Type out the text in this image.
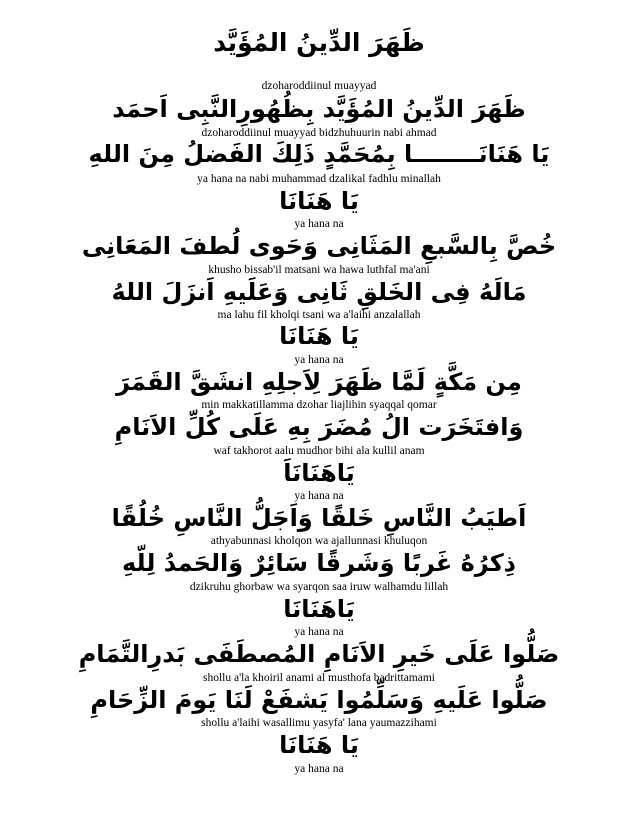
ظَهَرَ الدِّينُ المُؤَيَّد

dzoharoddiinul muayyad

ظَهَرَ الدِّينُ المُؤَيَّد بِظُهُورِالنَّبِى اَحمَد

dzoharoddiinul muayyad bidzhuhuurin nabi ahmad

يَا هَنَانَــــــــا بِمُحَمَّدٍ ذَلِكَ الفَضلُ مِنَ اللهِ

ya hana na nabi muhammad dzalikal fadhlu minallah

يَا هَنَانَا

ya hana na

خُصَّ بِالسَّبعِ المَثَانِى وَحَوى لُطفَ المَعَانِى

khusho bissab'il matsani wa hawa luthfal ma'ani

مَالَهُ فِى الخَلقِ ثَانِى وَعَلَيهِ اَنزَلَ اللهُ

ma lahu fil kholqi tsani wa a'laihi anzalallah

يَا هَنَانَا

ya hana na

مِن مَكَّةٍ لَمَّا ظَهَرَ لِاَجلِهِ انشَقَّ القَمَرَ

min makkatillamma dzohar liajlihin syaqqal qomar

وَافتَخَرَت الُ مُضَرَ بِهِ عَلَى كُلِّ الاَنَامِ

waf takhorot aalu mudhor bihi ala kullil anam

يَاهَنَانَاَ

ya hana na

اَطيَبُ النَّاسِ خَلقًا وَاَجَلُّ النَّاسِ خُلُقًا

athyabunnasi kholqon wa ajallunnasi khuluqon

ذِكرُهُ غَربًا وَشَرقًا سَائِرٌ وَالحَمدُ لِلّهِ

dzikruhu ghorbaw wa syarqon saa iruw walhamdu lillah

يَاهَنَانَا

ya hana na

صَلُّوا عَلَى خَيرِ الاَنَامِ المُصطَفَى بَدرِالتَّمَامِ

shollu a'la khoiril anami al musthofa badrittamami

صَلُّوا عَلَيهِ وَسَلِّمُوا يَشفَعْ لَنَا يَومَ الزِّحَامِ

shollu a'laihi wasallimu yasyfa' lana yaumazzihami

يَا هَنَانَا

ya hana na
